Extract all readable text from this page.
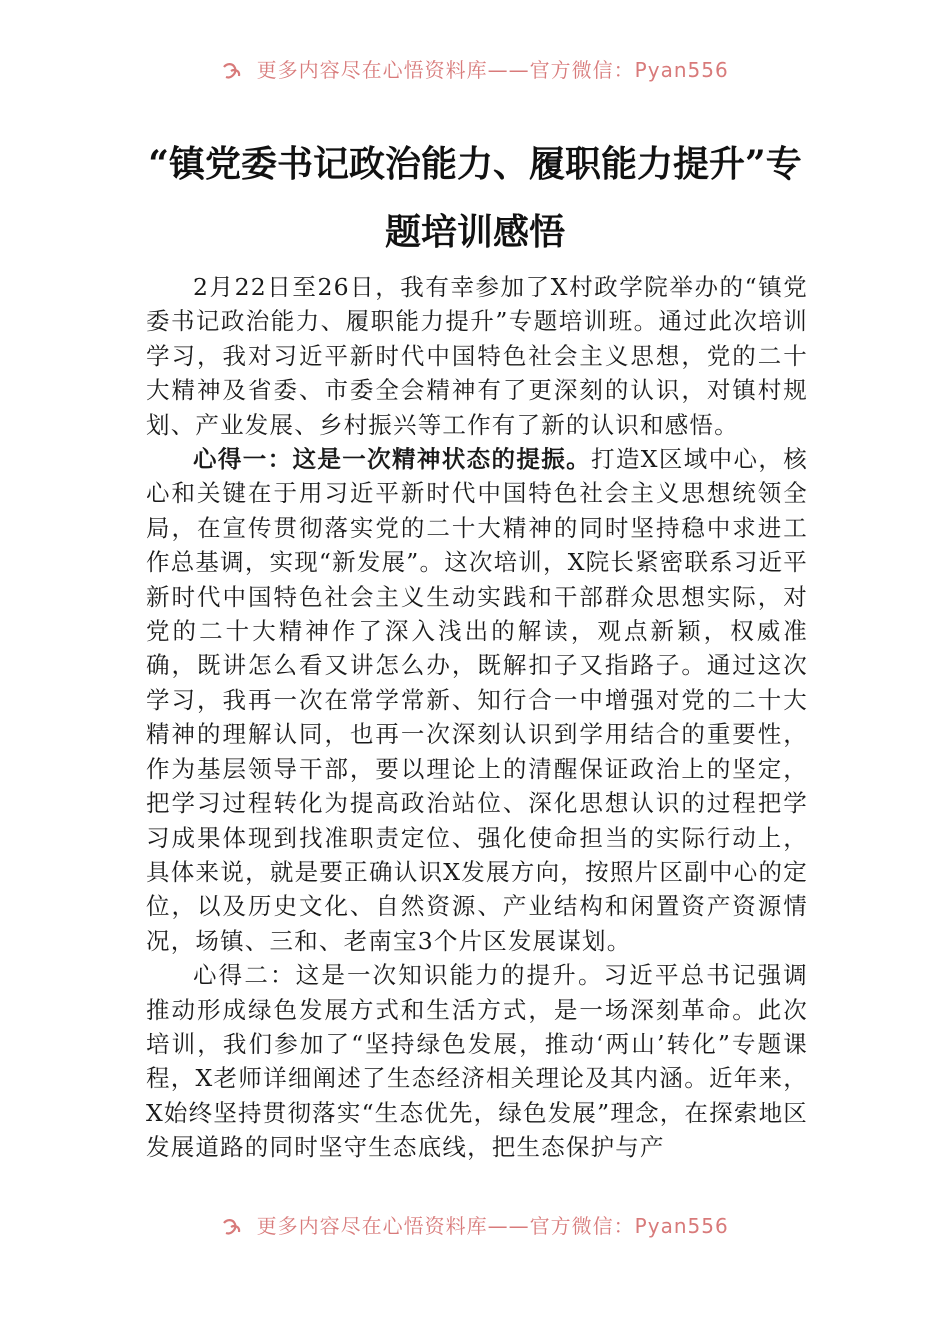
更多内容尽在心悟资料库——官方微信：Pyan556
“镇党委书记政治能力、履职能力提升”专
题培训感悟

2月22日至26日，我有幸参加了X村政学院举办的“镇党委书记政治能力、履职能力提升”专题培训班。通过此次培训学习，我对习近平新时代中国特色社会主义思想，党的二十大精神及省委、市委全会精神有了更深刻的认识，对镇村规划、产业发展、乡村振兴等工作有了新的认识和感悟。

心得一：这是一次精神状态的提振。打造X区域中心，核心和关键在于用习近平新时代中国特色社会主义思想统领全局，在宣传贯彻落实党的二十大精神的同时坚持稳中求进工作总基调，实现“新发展”。这次培训，X院长紧密联系习近平新时代中国特色社会主义生动实践和干部群众思想实际，对党的二十大精神作了深入浅出的解读，观点新颖，权威准确，既讲怎么看又讲怎么办，既解扣子又指路子。通过这次学习，我再一次在常学常新、知行合一中增强对党的二十大精神的理解认同，也再一次深刻认识到学用结合的重要性，作为基层领导干部，要以理论上的清醒保证政治上的坚定，把学习过程转化为提高政治站位、深化思想认识的过程把学习成果体现到找准职责定位、强化使命担当的实际行动上，具体来说，就是要正确认识X发展方向，按照片区副中心的定位，以及历史文化、自然资源、产业结构和闲置资产资源情况，场镇、三和、老南宝3个片区发展谋划。

心得二：这是一次知识能力的提升。习近平总书记强调推动形成绿色发展方式和生活方式，是一场深刻革命。此次培训，我们参加了“坚持绿色发展，推动‘两山’转化”专题课程，X老师详细阐述了生态经济相关理论及其内涵。近年来，X始终坚持贯彻落实“生态优先，绿色发展”理念，在探索地区发展道路的同时坚守生态底线，把生态保护与产

更多内容尽在心悟资料库——官方微信：Pyan556
